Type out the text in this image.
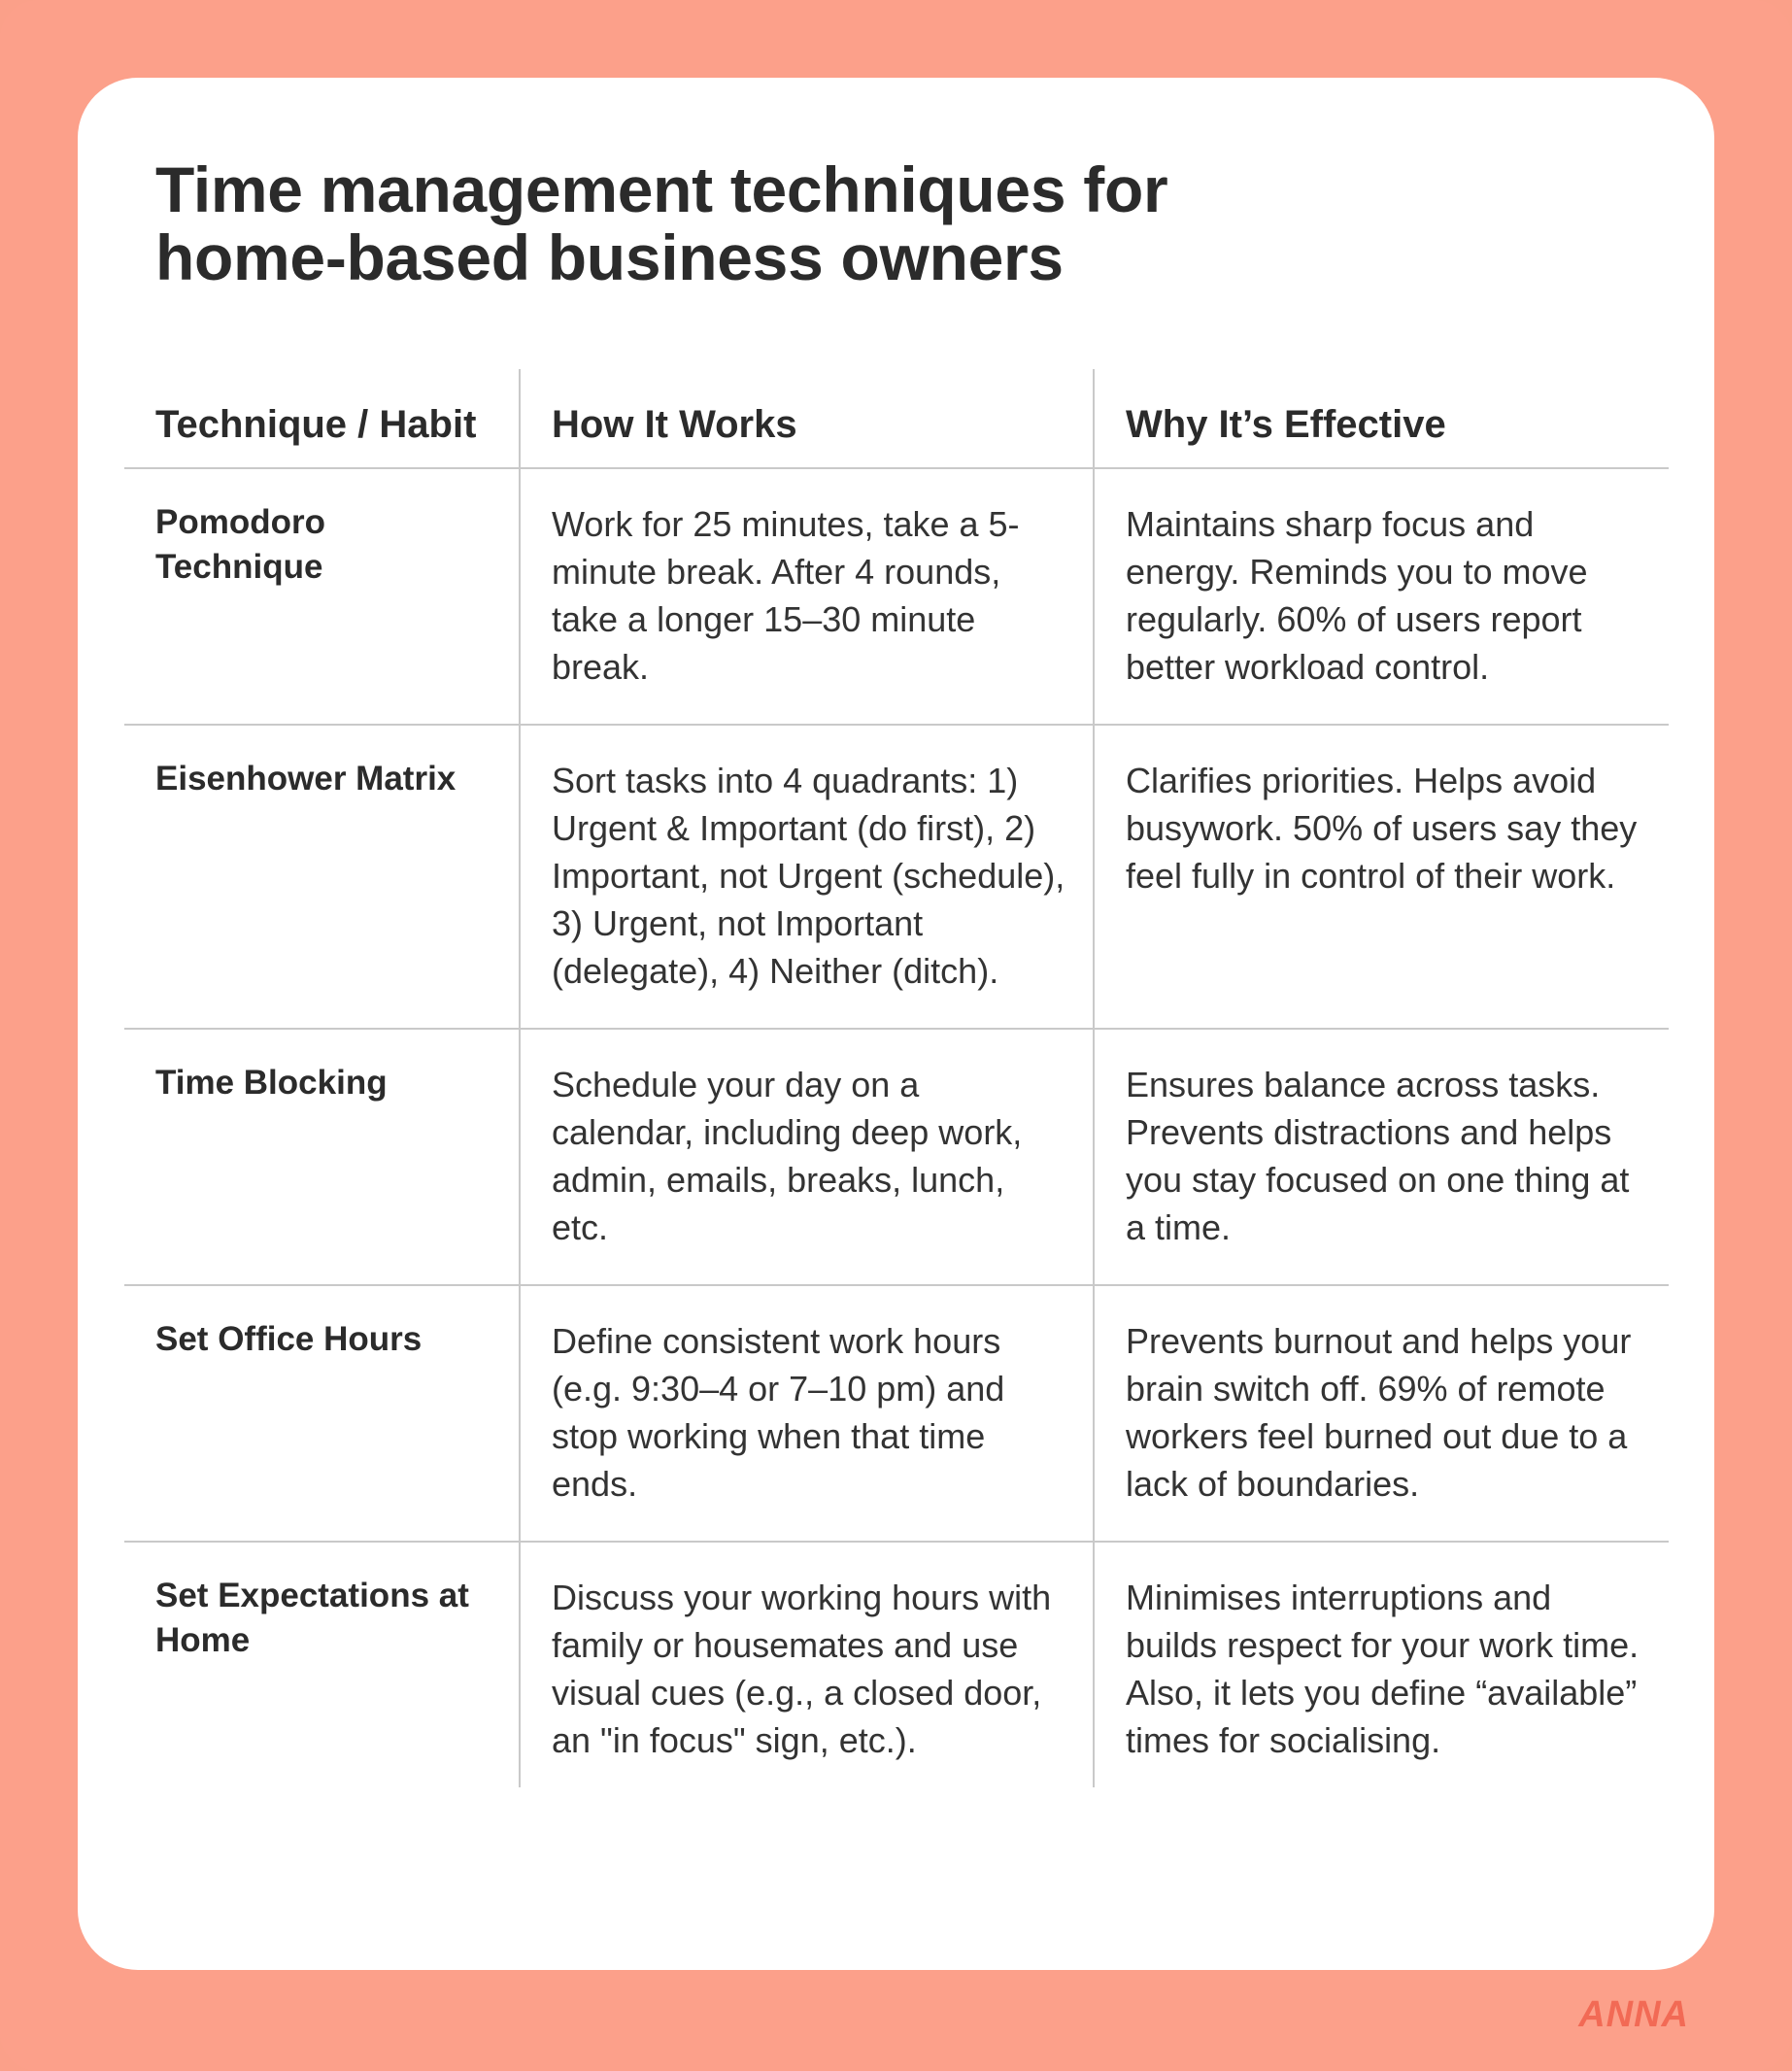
Time management techniques for
home-based business owners
Technique / Habit	How It Works	Why It’s Effective
Pomodoro Technique	Work for 25 minutes, take a 5-minute break. After 4 rounds, take a longer 15–30 minute break.	Maintains sharp focus and energy. Reminds you to move regularly. 60% of users report better workload control.
Eisenhower Matrix	Sort tasks into 4 quadrants: 1) Urgent & Important (do first), 2) Important, not Urgent (schedule), 3) Urgent, not Important (delegate), 4) Neither (ditch).	Clarifies priorities. Helps avoid busywork. 50% of users say they feel fully in control of their work.
Time Blocking	Schedule your day on a calendar, including deep work, admin, emails, breaks, lunch, etc.	Ensures balance across tasks. Prevents distractions and helps you stay focused on one thing at a time.
Set Office Hours	Define consistent work hours (e.g. 9:30–4 or 7–10 pm) and stop working when that time ends.	Prevents burnout and helps your brain switch off. 69% of remote workers feel burned out due to a lack of boundaries.
Set Expectations at Home	Discuss your working hours with family or housemates and use visual cues (e.g., a closed door, an "in focus" sign, etc.).	Minimises interruptions and builds respect for your work time. Also, it lets you define “available” times for socialising.
ANNA
